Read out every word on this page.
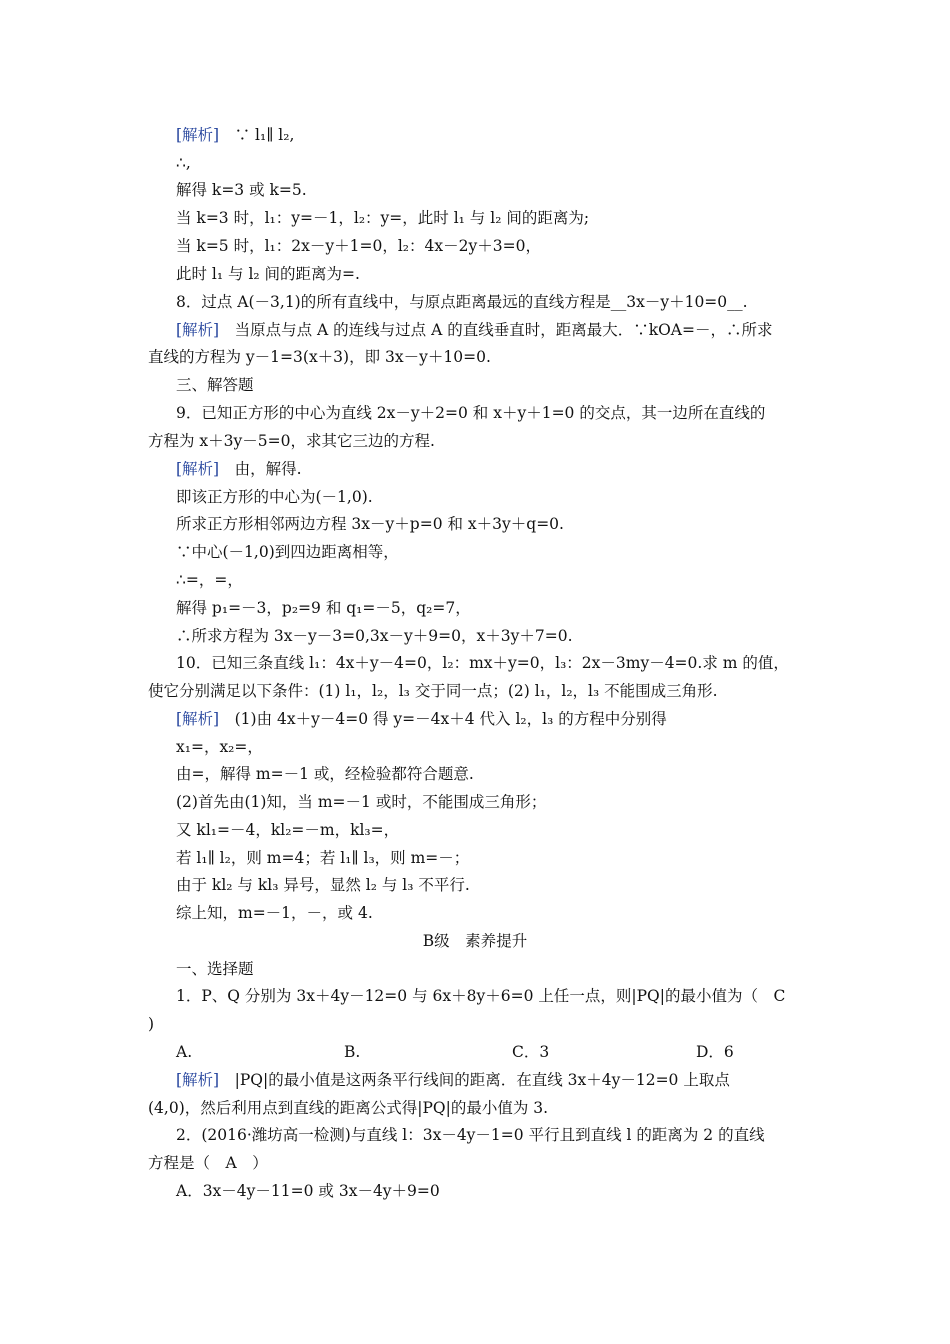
[解析]　∵ l₁∥ l₂,
∴,
解得 k=3 或 k=5.
当 k=3 时，l₁：y=－1，l₂：y=，此时 l₁ 与 l₂ 间的距离为;
当 k=5 时，l₁：2x－y＋1=0，l₂：4x－2y＋3=0，
此时 l₁ 与 l₂ 间的距离为=.
8．过点 A(－3,1)的所有直线中，与原点距离最远的直线方程是__3x－y＋10=0__.
[解析]　当原点与点 A 的连线与过点 A 的直线垂直时，距离最大．∵kOA=－，∴所求
直线的方程为 y－1=3(x＋3)，即 3x－y＋10=0.
三、解答题
9．已知正方形的中心为直线 2x－y＋2=0 和 x＋y＋1=0 的交点，其一边所在直线的
方程为 x＋3y－5=0，求其它三边的方程.
[解析]　由，解得.
即该正方形的中心为(－1,0).
所求正方形相邻两边方程 3x－y＋p=0 和 x＋3y＋q=0.
∵中心(－1,0)到四边距离相等，
∴=，=，
解得 p₁=－3，p₂=9 和 q₁=－5，q₂=7，
∴所求方程为 3x－y－3=0,3x－y＋9=0，x＋3y＋7=0.
10．已知三条直线 l₁：4x＋y－4=0，l₂：mx＋y=0，l₃：2x－3my－4=0.求 m 的值，
使它分别满足以下条件：(1) l₁，l₂，l₃ 交于同一点；(2) l₁，l₂，l₃ 不能围成三角形.
[解析]　(1)由 4x＋y－4=0 得 y=－4x＋4 代入 l₂，l₃ 的方程中分别得
x₁=，x₂=，
由=，解得 m=－1 或，经检验都符合题意.
(2)首先由(1)知，当 m=－1 或时，不能围成三角形；
又 kl₁=－4，kl₂=－m，kl₃=，
若 l₁∥ l₂，则 m=4；若 l₁∥ l₃，则 m=－；
由于 kl₂ 与 kl₃ 异号，显然 l₂ 与 l₃ 不平行.
综上知，m=－1，－，或 4.
B级　素养提升
一、选择题
1．P、Q 分别为 3x＋4y－12=0 与 6x＋8y＋6=0 上任一点，则|PQ|的最小值为（　C
)
A.	B.	C．3	D．6
[解析]　|PQ|的最小值是这两条平行线间的距离．在直线 3x＋4y－12=0 上取点
(4,0)，然后利用点到直线的距离公式得|PQ|的最小值为 3.
2．(2016·潍坊高一检测)与直线 l：3x－4y－1=0 平行且到直线 l 的距离为 2 的直线
方程是（　A　）
A．3x－4y－11=0 或 3x－4y＋9=0
